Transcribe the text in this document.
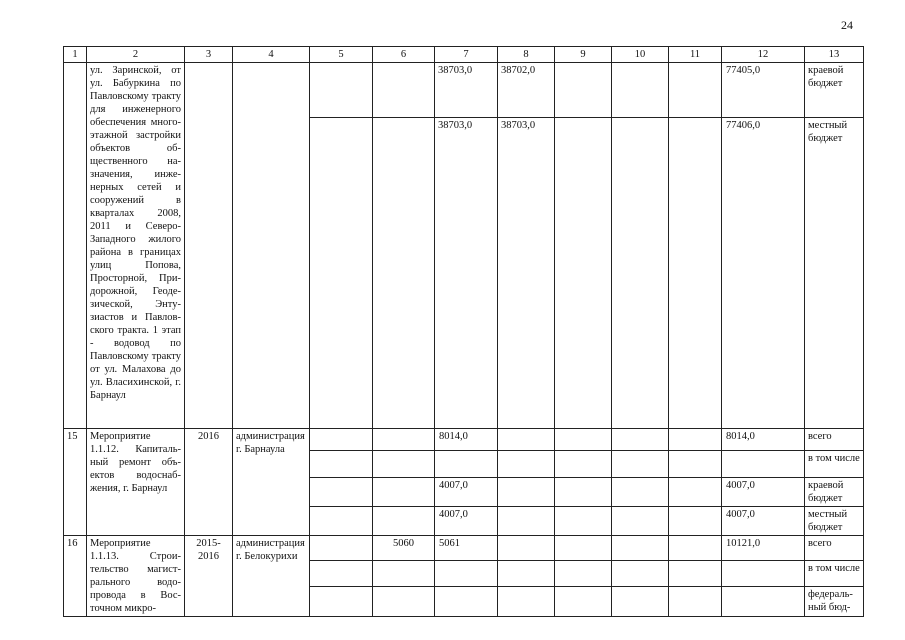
24
1	2	3	4	5	6	7	8	9	10	11	12	13
	ул. Заринской, от ул. Бабуркина по Павловскому тракту для инженерного обеспечения многоэтажной застройки объектов общественного назначения, инженерных сетей и сооружений в кварталах 2008, 2011 и Северо-Западного жилого района в границах улиц Попова, Просторной, Придорожной, Геодезической, Энтузиастов и Павловского тракта. 1 этап - водовод по Павловскому тракту от ул. Малахова до ул. Власихинской, г. Барнаул					38703,0	38702,0				77405,0	краевой бюджет
						38703,0	38703,0				77406,0	местный бюджет
15	Мероприятие 1.1.12. Капитальный ремонт объектов водоснабжения, г. Барнаул	2016	администрация г. Барнаула			8014,0					8014,0	всего
												в том числе
						4007,0					4007,0	краевой бюджет
						4007,0					4007,0	местный бюджет
16	Мероприятие 1.1.13. Строительство магистрального водопровода в Восточном микро-	2015-2016	администрация г. Белокурихи		5060	5061					10121,0	всего
												в том числе
												федеральный бюд-
